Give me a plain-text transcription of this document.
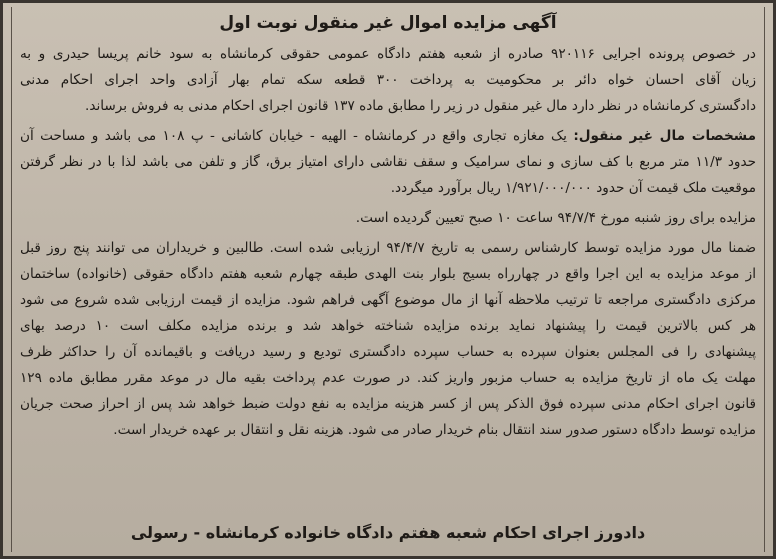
آگهی مزایده اموال غیر منقول نوبت اول
در خصوص پرونده اجرایی ۹۲۰۱۱۶ صادره از شعبه هفتم دادگاه عمومی حقوقی کرمانشاه به سود خانم پریسا حیدری و به
زیان آقای احسان خواه دائر بر محکومیت به پرداخت ۳۰۰ قطعه سکه تمام بهار آزادی واحد اجرای احکام مدنی
دادگستری کرمانشاه در نظر دارد مال غیر منقول در زیر را مطابق ماده ۱۳۷ قانون اجرای احکام مدنی به فروش برساند.
مشخصات مال غیر منقول: یک مغازه تجاری واقع در کرمانشاه - الهیه - خیابان کاشانی - پ ۱۰۸ می باشد و مساحت آن
حدود ۱۱/۳ متر مربع با کف سازی و نمای سرامیک و سقف نقاشی دارای امتیاز برق، گاز و تلفن می باشد لذا با در نظر گرفتن
موقعیت ملک قیمت آن حدود ۱/۹۲۱/۰۰۰/۰۰۰ ریال برآورد میگردد.
مزایده برای روز شنبه مورخ ۹۴/۷/۴ ساعت ۱۰ صبح تعیین گردیده است.
ضمنا مال مورد مزایده توسط کارشناس رسمی به تاریخ ۹۴/۴/۷ ارزیابی شده است. طالبین و خریداران می توانند پنج روز قبل
از موعد مزایده به این اجرا واقع در چهارراه بسیج بلوار بنت الهدی طبقه چهارم شعبه هفتم دادگاه حقوقی (خانواده) ساختمان
مرکزی دادگستری مراجعه تا ترتیب ملاحظه آنها از مال موضوع آگهی فراهم شود. مزایده از قیمت ارزیابی شده شروع می شود
هر کس بالاترین قیمت را پیشنهاد نماید برنده مزایده شناخته خواهد شد و برنده مزایده مکلف است ۱۰ درصد بهای
پیشنهادی را فی المجلس بعنوان سپرده به حساب سپرده دادگستری تودیع و رسید دریافت و باقیمانده آن را حداکثر ظرف
مهلت یک ماه از تاریخ مزایده به حساب مزبور واریز کند. در صورت عدم پرداخت بقیه مال در موعد مقرر مطابق ماده ۱۲۹
قانون اجرای احکام مدنی سپرده فوق الذکر پس از کسر هزینه مزایده به نفع دولت ضبط خواهد شد پس از احراز صحت جریان
مزایده توسط دادگاه دستور صدور سند انتقال بنام خریدار صادر می شود. هزینه نقل و انتقال بر عهده خریدار است.
دادورز اجرای احکام شعبه هفتم دادگاه خانواده کرمانشاه - رسولی
